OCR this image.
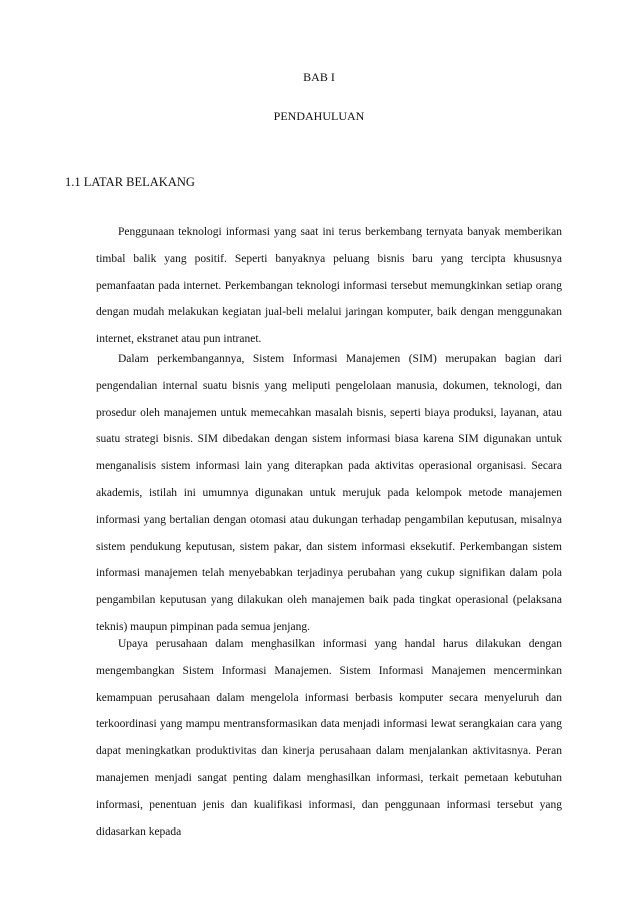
BAB I
PENDAHULUAN
1.1 LATAR BELAKANG

Penggunaan teknologi informasi yang saat ini terus berkembang ternyata banyak memberikan timbal balik yang positif. Seperti banyaknya peluang bisnis baru yang tercipta khususnya pemanfaatan pada internet. Perkembangan teknologi informasi tersebut memungkinkan setiap orang dengan mudah melakukan kegiatan jual-beli melalui jaringan komputer, baik dengan menggunakan internet, ekstranet atau pun intranet.

Dalam perkembangannya, Sistem Informasi Manajemen (SIM) merupakan bagian dari pengendalian internal suatu bisnis yang meliputi pengelolaan manusia, dokumen, teknologi, dan prosedur oleh manajemen untuk memecahkan masalah bisnis, seperti biaya produksi, layanan, atau suatu strategi bisnis. SIM dibedakan dengan sistem informasi biasa karena SIM digunakan untuk menganalisis sistem informasi lain yang diterapkan pada aktivitas operasional organisasi. Secara akademis, istilah ini umumnya digunakan untuk merujuk pada kelompok metode manajemen informasi yang bertalian dengan otomasi atau dukungan terhadap pengambilan keputusan, misalnya sistem pendukung keputusan, sistem pakar, dan sistem informasi eksekutif. Perkembangan sistem informasi manajemen telah menyebabkan terjadinya perubahan yang cukup signifikan dalam pola pengambilan keputusan yang dilakukan oleh manajemen baik pada tingkat operasional (pelaksana teknis) maupun pimpinan pada semua jenjang.

Upaya perusahaan dalam menghasilkan informasi yang handal harus dilakukan dengan mengembangkan Sistem Informasi Manajemen. Sistem Informasi Manajemen mencerminkan kemampuan perusahaan dalam mengelola informasi berbasis komputer secara menyeluruh dan terkoordinasi yang mampu mentransformasikan data menjadi informasi lewat serangkaian cara yang dapat meningkatkan produktivitas dan kinerja perusahaan dalam menjalankan aktivitasnya. Peran manajemen menjadi sangat penting dalam menghasilkan informasi, terkait pemetaan kebutuhan informasi, penentuan jenis dan kualifikasi informasi, dan penggunaan informasi tersebut yang didasarkan kepada
